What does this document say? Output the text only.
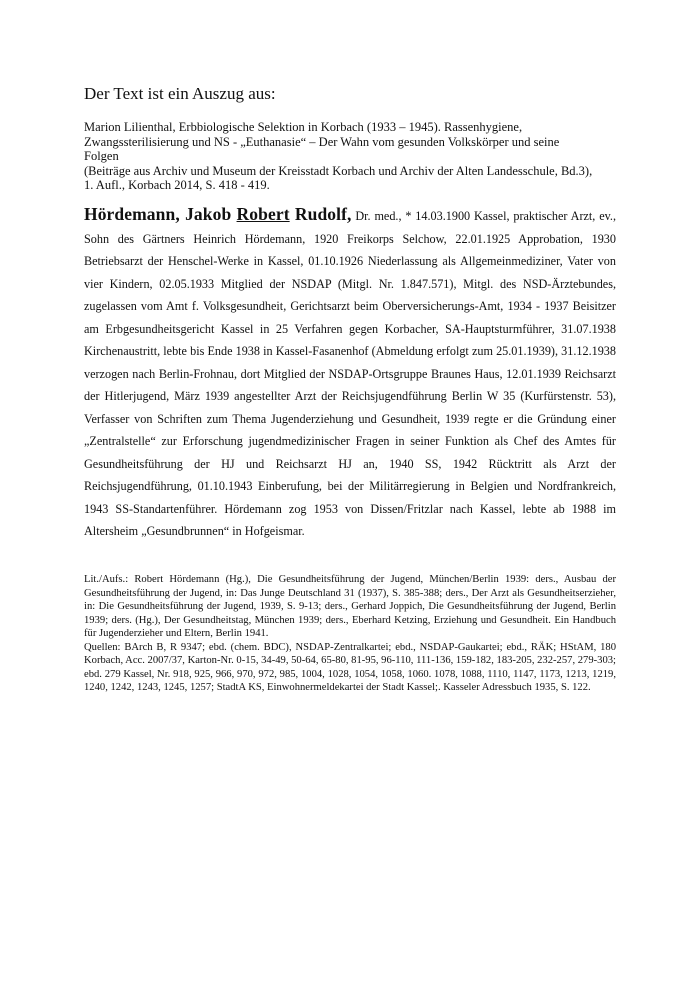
Der Text ist ein Auszug aus:
Marion Lilienthal, Erbbiologische Selektion in Korbach (1933 – 1945). Rassenhygiene,
Zwangssterilisierung und NS - „Euthanasie“ – Der Wahn vom gesunden Volkskörper und seine
Folgen
(Beiträge aus Archiv und Museum der Kreisstadt Korbach und Archiv der Alten Landesschule, Bd.3),
1. Aufl., Korbach 2014, S. 418 - 419.

Hördemann, Jakob Robert Rudolf, Dr. med., * 14.03.1900 Kassel, praktischer Arzt, ev., Sohn des Gärtners Heinrich Hördemann, 1920 Freikorps Selchow, 22.01.1925 Approbation, 1930 Betriebsarzt der Henschel-Werke in Kassel, 01.10.1926 Niederlassung als Allgemeinmediziner, Vater von vier Kindern, 02.05.1933 Mitglied der NSDAP (Mitgl. Nr. 1.847.571), Mitgl. des NSD-Ärztebundes, zugelassen vom Amt f. Volksgesundheit, Gerichtsarzt beim Oberversicherungs-Amt, 1934 - 1937 Beisitzer am Erbgesundheitsgericht Kassel in 25 Verfahren gegen Korbacher, SA-Hauptsturmführer, 31.07.1938 Kirchenaustritt, lebte bis Ende 1938 in Kassel-Fasanenhof (Abmeldung erfolgt zum 25.01.1939), 31.12.1938 verzogen nach Berlin-Frohnau, dort Mitglied der NSDAP-Ortsgruppe Braunes Haus, 12.01.1939 Reichsarzt der Hitlerjugend, März 1939 angestellter Arzt der Reichsjugendführung Berlin W 35 (Kurfürstenstr. 53), Verfasser von Schriften zum Thema Jugenderziehung und Gesundheit, 1939 regte er die Gründung einer „Zentralstelle“ zur Erforschung jugendmedizinischer Fragen in seiner Funktion als Chef des Amtes für Gesundheitsführung der HJ und Reichsarzt HJ an, 1940 SS, 1942 Rücktritt als Arzt der Reichsjugendführung, 01.10.1943 Einberufung, bei der Militärregierung in Belgien und Nordfrankreich, 1943 SS-Standartenführer. Hördemann zog 1953 von Dissen/Fritzlar nach Kassel, lebte ab 1988 im Altersheim „Gesundbrunnen“ in Hofgeismar.

Lit./Aufs.: Robert Hördemann (Hg.), Die Gesundheitsführung der Jugend, München/Berlin 1939: ders., Ausbau der Gesundheitsführung der Jugend, in: Das Junge Deutschland 31 (1937), S. 385-388; ders., Der Arzt als Gesundheitserzieher, in: Die Gesundheitsführung der Jugend, 1939, S. 9-13; ders., Gerhard Joppich, Die Gesundheitsführung der Jugend, Berlin 1939; ders. (Hg.), Der Gesundheitstag, München 1939; ders., Eberhard Ketzing, Erziehung und Gesundheit. Ein Handbuch für Jugenderzieher und Eltern, Berlin 1941.

Quellen: BArch B, R 9347; ebd. (chem. BDC), NSDAP-Zentralkartei; ebd., NSDAP-Gaukartei; ebd., RÄK; HStAM, 180 Korbach, Acc. 2007/37, Karton-Nr. 0-15, 34-49, 50-64, 65-80, 81-95, 96-110, 111-136, 159-182, 183-205, 232-257, 279-303; ebd. 279 Kassel, Nr. 918, 925, 966, 970, 972, 985, 1004, 1028, 1054, 1058, 1060. 1078, 1088, 1110, 1147, 1173, 1213, 1219, 1240, 1242, 1243, 1245, 1257; StadtA KS, Einwohnermeldekartei der Stadt Kassel;. Kasseler Adressbuch 1935, S. 122.
